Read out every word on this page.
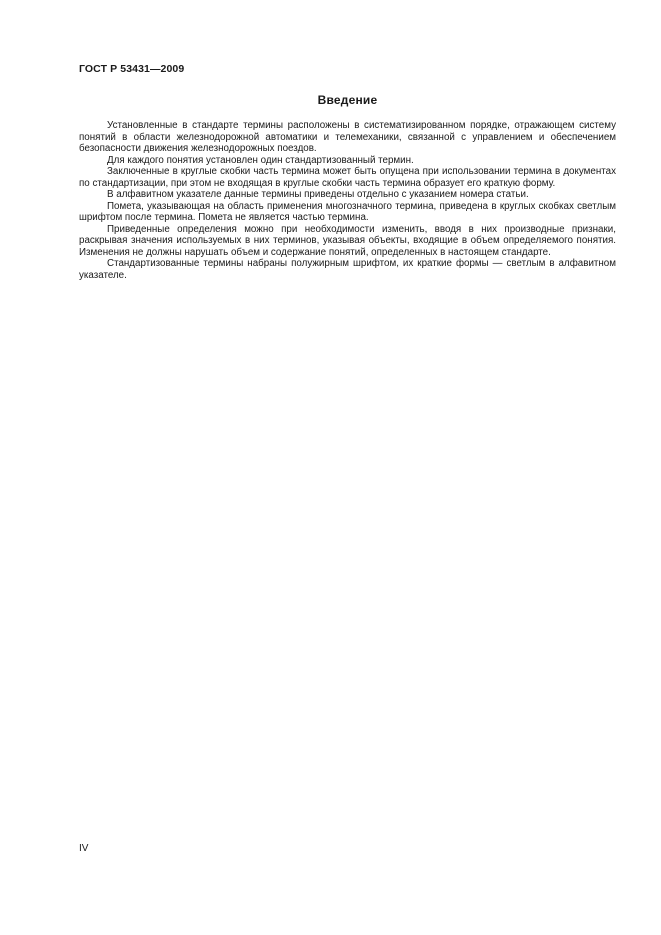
ГОСТ Р 53431—2009
Введение

Установленные в стандарте термины расположены в систематизированном порядке, отражающем систему понятий в области железнодорожной автоматики и телемеханики, связанной с управлением и обеспечением безопасности движения железнодорожных поездов.

Для каждого понятия установлен один стандартизованный термин.

Заключенные в круглые скобки часть термина может быть опущена при использовании термина в документах по стандартизации, при этом не входящая в круглые скобки часть термина образует его краткую форму.

В алфавитном указателе данные термины приведены отдельно с указанием номера статьи.

Помета, указывающая на область применения многозначного термина, приведена в круглых скобках светлым шрифтом после термина. Помета не является частью термина.

Приведенные определения можно при необходимости изменить, вводя в них производные признаки, раскрывая значения используемых в них терминов, указывая объекты, входящие в объем определяемого понятия. Изменения не должны нарушать объем и содержание понятий, определенных в настоящем стандарте.

Стандартизованные термины набраны полужирным шрифтом, их краткие формы — светлым в алфавитном указателе.

IV
